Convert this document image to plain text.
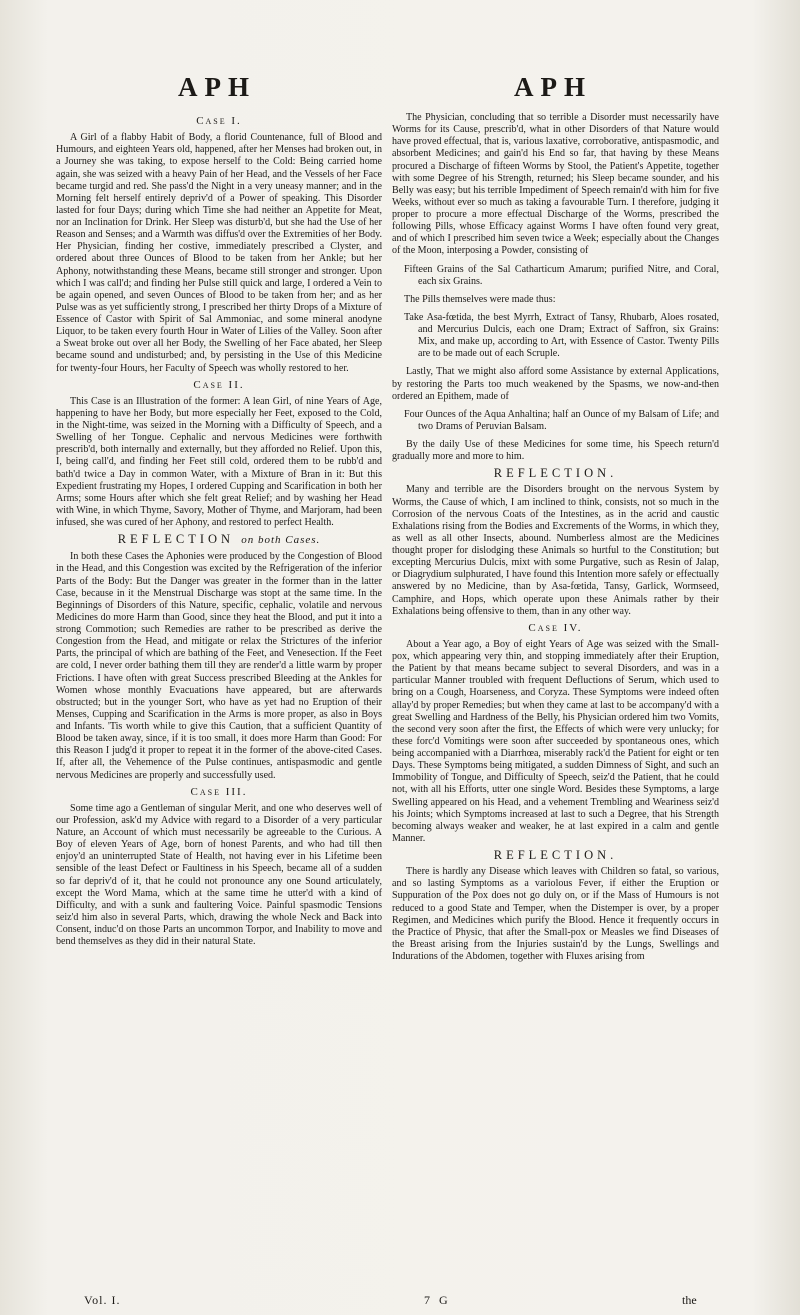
APH	APH
Case I.

A Girl of a flabby Habit of Body, a florid Countenance, full of Blood and Humours, and eighteen Years old, happened, after her Menses had broken out, in a Journey she was taking, to expose herself to the Cold: Being carried home again, she was seized with a heavy Pain of her Head, and the Vessels of her Face became turgid and red. She pass'd the Night in a very uneasy manner; and in the Morning felt herself entirely depriv'd of a Power of speaking. This Disorder lasted for four Days; during which Time she had neither an Appetite for Meat, nor an Inclination for Drink. Her Sleep was disturb'd, but she had the Use of her Reason and Senses; and a Warmth was diffus'd over the Extremities of her Body. Her Physician, finding her costive, immediately prescribed a Clyster, and ordered about three Ounces of Blood to be taken from her Ankle; but her Aphony, notwithstanding these Means, became still stronger and stronger. Upon which I was call'd; and finding her Pulse still quick and large, I ordered a Vein to be again opened, and seven Ounces of Blood to be taken from her; and as her Pulse was as yet sufficiently strong, I prescribed her thirty Drops of a Mixture of Essence of Castor with Spirit of Sal Ammoniac, and some mineral anodyne Liquor, to be taken every fourth Hour in Water of Lilies of the Valley. Soon after a Sweat broke out over all her Body, the Swelling of her Face abated, her Sleep became sound and undisturbed; and, by persisting in the Use of this Medicine for twenty-four Hours, her Faculty of Speech was wholly restored to her.

Case II.

This Case is an Illustration of the former: A lean Girl, of nine Years of Age, happening to have her Body, but more especially her Feet, exposed to the Cold, in the Night-time, was seized in the Morning with a Difficulty of Speech, and a Swelling of her Tongue. Cephalic and nervous Medicines were forthwith prescrib'd, both internally and externally, but they afforded no Relief. Upon this, I, being call'd, and finding her Feet still cold, ordered them to be rubb'd and bath'd twice a Day in common Water, with a Mixture of Bran in it: But this Expedient frustrating my Hopes, I ordered Cupping and Scarification in both her Arms; some Hours after which she felt great Relief; and by washing her Head with Wine, in which Thyme, Savory, Mother of Thyme, and Marjoram, had been infused, she was cured of her Aphony, and restored to perfect Health.

REFLECTION on both Cases.

In both these Cases the Aphonies were produced by the Congestion of Blood in the Head, and this Congestion was excited by the Refrigeration of the inferior Parts of the Body: But the Danger was greater in the former than in the latter Case, because in it the Menstrual Discharge was stopt at the same time. In the Beginnings of Disorders of this Nature, specific, cephalic, volatile and nervous Medicines do more Harm than Good, since they heat the Blood, and put it into a strong Commotion; such Remedies are rather to be prescribed as derive the Congestion from the Head, and mitigate or relax the Strictures of the inferior Parts, the principal of which are bathing of the Feet, and Venesection. If the Feet are cold, I never order bathing them till they are render'd a little warm by proper Frictions. I have often with great Success prescribed Bleeding at the Ankles for Women whose monthly Evacuations have appeared, but are afterwards obstructed; but in the younger Sort, who have as yet had no Eruption of their Menses, Cupping and Scarification in the Arms is more proper, as also in Boys and Infants. 'Tis worth while to give this Caution, that a sufficient Quantity of Blood be taken away, since, if it is too small, it does more Harm than Good: For this Reason I judg'd it proper to repeat it in the former of the above-cited Cases. If, after all, the Vehemence of the Pulse continues, antispasmodic and gentle nervous Medicines are properly and successfully used.

Case III.

Some time ago a Gentleman of singular Merit, and one who deserves well of our Profession, ask'd my Advice with regard to a Disorder of a very particular Nature, an Account of which must necessarily be agreeable to the Curious. A Boy of eleven Years of Age, born of honest Parents, and who had till then enjoy'd an uninterrupted State of Health, not having ever in his Lifetime been sensible of the least Defect or Faultiness in his Speech, became all of a sudden so far depriv'd of it, that he could not pronounce any one Sound articulately, except the Word Mama, which at the same time he utter'd with a kind of Difficulty, and with a sunk and faultering Voice. Painful spasmodic Tensions seiz'd him also in several Parts, which, drawing the whole Neck and Back into Consent, induc'd on those Parts an uncommon Torpor, and Inability to move and bend themselves as they did in their natural State.

The Physician, concluding that so terrible a Disorder must necessarily have Worms for its Cause, prescrib'd, what in other Disorders of that Nature would have proved effectual, that is, various laxative, corroborative, antispasmodic, and absorbent Medicines; and gain'd his End so far, that having by these Means procured a Discharge of fifteen Worms by Stool, the Patient's Appetite, together with some Degree of his Strength, returned; his Sleep became sounder, and his Belly was easy; but his terrible Impediment of Speech remain'd with him for five Weeks, without ever so much as taking a favourable Turn. I therefore, judging it proper to procure a more effectual Discharge of the Worms, prescribed the following Pills, whose Efficacy against Worms I have often found very great, and of which I prescribed him seven twice a Week; especially about the Changes of the Moon, interposing a Powder, consisting of

Fifteen Grains of the Sal Catharticum Amarum; purified Nitre, and Coral, each six Grains.

The Pills themselves were made thus:

Take Asa-fœtida, the best Myrrh, Extract of Tansy, Rhubarb, Aloes rosated, and Mercurius Dulcis, each one Dram; Extract of Saffron, six Grains: Mix, and make up, according to Art, with Essence of Castor. Twenty Pills are to be made out of each Scruple.

Lastly, That we might also afford some Assistance by external Applications, by restoring the Parts too much weakened by the Spasms, we now-and-then ordered an Epithem, made of

Four Ounces of the Aqua Anhaltina; half an Ounce of my Balsam of Life; and two Drams of Peruvian Balsam.

By the daily Use of these Medicines for some time, his Speech return'd gradually more and more to him.

REFLECTION.

Many and terrible are the Disorders brought on the nervous System by Worms, the Cause of which, I am inclined to think, consists, not so much in the Corrosion of the nervous Coats of the Intestines, as in the acrid and caustic Exhalations rising from the Bodies and Excrements of the Worms, in which they, as well as all other Insects, abound. Numberless almost are the Medicines thought proper for dislodging these Animals so hurtful to the Constitution; but excepting Mercurius Dulcis, mixt with some Purgative, such as Resin of Jalap, or Diagrydium sulphurated, I have found this Intention more safely or effectually answered by no Medicine, than by Asa-fœtida, Tansy, Garlick, Wormseed, Camphire, and Hops, which operate upon these Animals rather by their Exhalations being offensive to them, than in any other way.

Case IV.

About a Year ago, a Boy of eight Years of Age was seized with the Small-pox, which appearing very thin, and stopping immediately after their Eruption, the Patient by that means became subject to several Disorders, and was in a particular Manner troubled with frequent Defluctions of Serum, which used to bring on a Cough, Hoarseness, and Coryza. These Symptoms were indeed often allay'd by proper Remedies; but when they came at last to be accompany'd with a great Swelling and Hardness of the Belly, his Physician ordered him two Vomits, the second very soon after the first, the Effects of which were very unlucky; for these forc'd Vomitings were soon after succeeded by spontaneous ones, which being accompanied with a Diarrhœa, miserably rack'd the Patient for eight or ten Days. These Symptoms being mitigated, a sudden Dimness of Sight, and such an Immobility of Tongue, and Difficulty of Speech, seiz'd the Patient, that he could not, with all his Efforts, utter one single Word. Besides these Symptoms, a large Swelling appeared on his Head, and a vehement Trembling and Weariness seiz'd his Joints; which Symptoms increased at last to such a Degree, that his Strength becoming always weaker and weaker, he at last expired in a calm and gentle Manner.

REFLECTION.

There is hardly any Disease which leaves with Children so fatal, so various, and so lasting Symptoms as a variolous Fever, if either the Eruption or Suppuration of the Pox does not go duly on, or if the Mass of Humours is not reduced to a good State and Temper, when the Distemper is over, by a proper Regimen, and Medicines which purify the Blood. Hence it frequently occurs in the Practice of Physic, that after the Small-pox or Measles we find Diseases of the Breast arising from the Injuries sustain'd by the Lungs, Swellings and Indurations of the Abdomen, together with Fluxes arising from

Vol. I.	7 G	the
